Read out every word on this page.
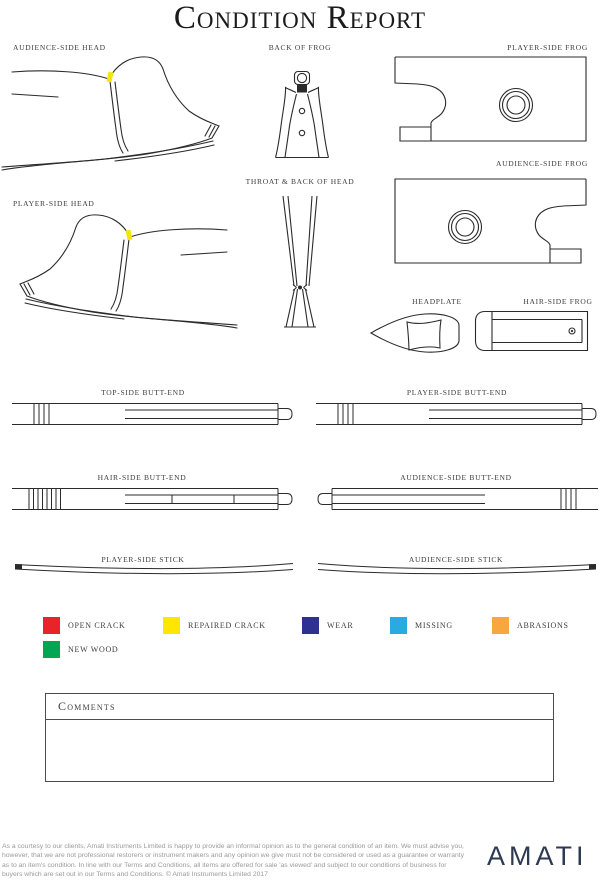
Condition Report
AUDIENCE-SIDE HEAD	BACK OF FROG	PLAYER-SIDE FROG
AUDIENCE-SIDE FROG
PLAYER-SIDE HEAD
THROAT & BACK OF HEAD
HEADPLATE	HAIR-SIDE FROG
TOP-SIDE BUTT-END	PLAYER-SIDE BUTT-END
HAIR-SIDE BUTT-END	AUDIENCE-SIDE BUTT-END
PLAYER-SIDE STICK	AUDIENCE-SIDE STICK
OPEN CRACK	REPAIRED CRACK	WEAR	MISSING	ABRASIONS
NEW WOOD
Comments
As a courtesy to our clients, Amati Instruments Limited is happy to provide an informal opinion as to the general condition of an item. We must advise you, however, that we are not professional restorers or instrument makers and any opinion we give must not be considered or used as a guarantee or warranty as to an item's condition. In line with our Terms and Conditions, all items are offered for sale 'as viewed' and subject to our conditions of business for buyers which are set out in our Terms and Conditions. © Amati Instruments Limited 2017
AMATI
